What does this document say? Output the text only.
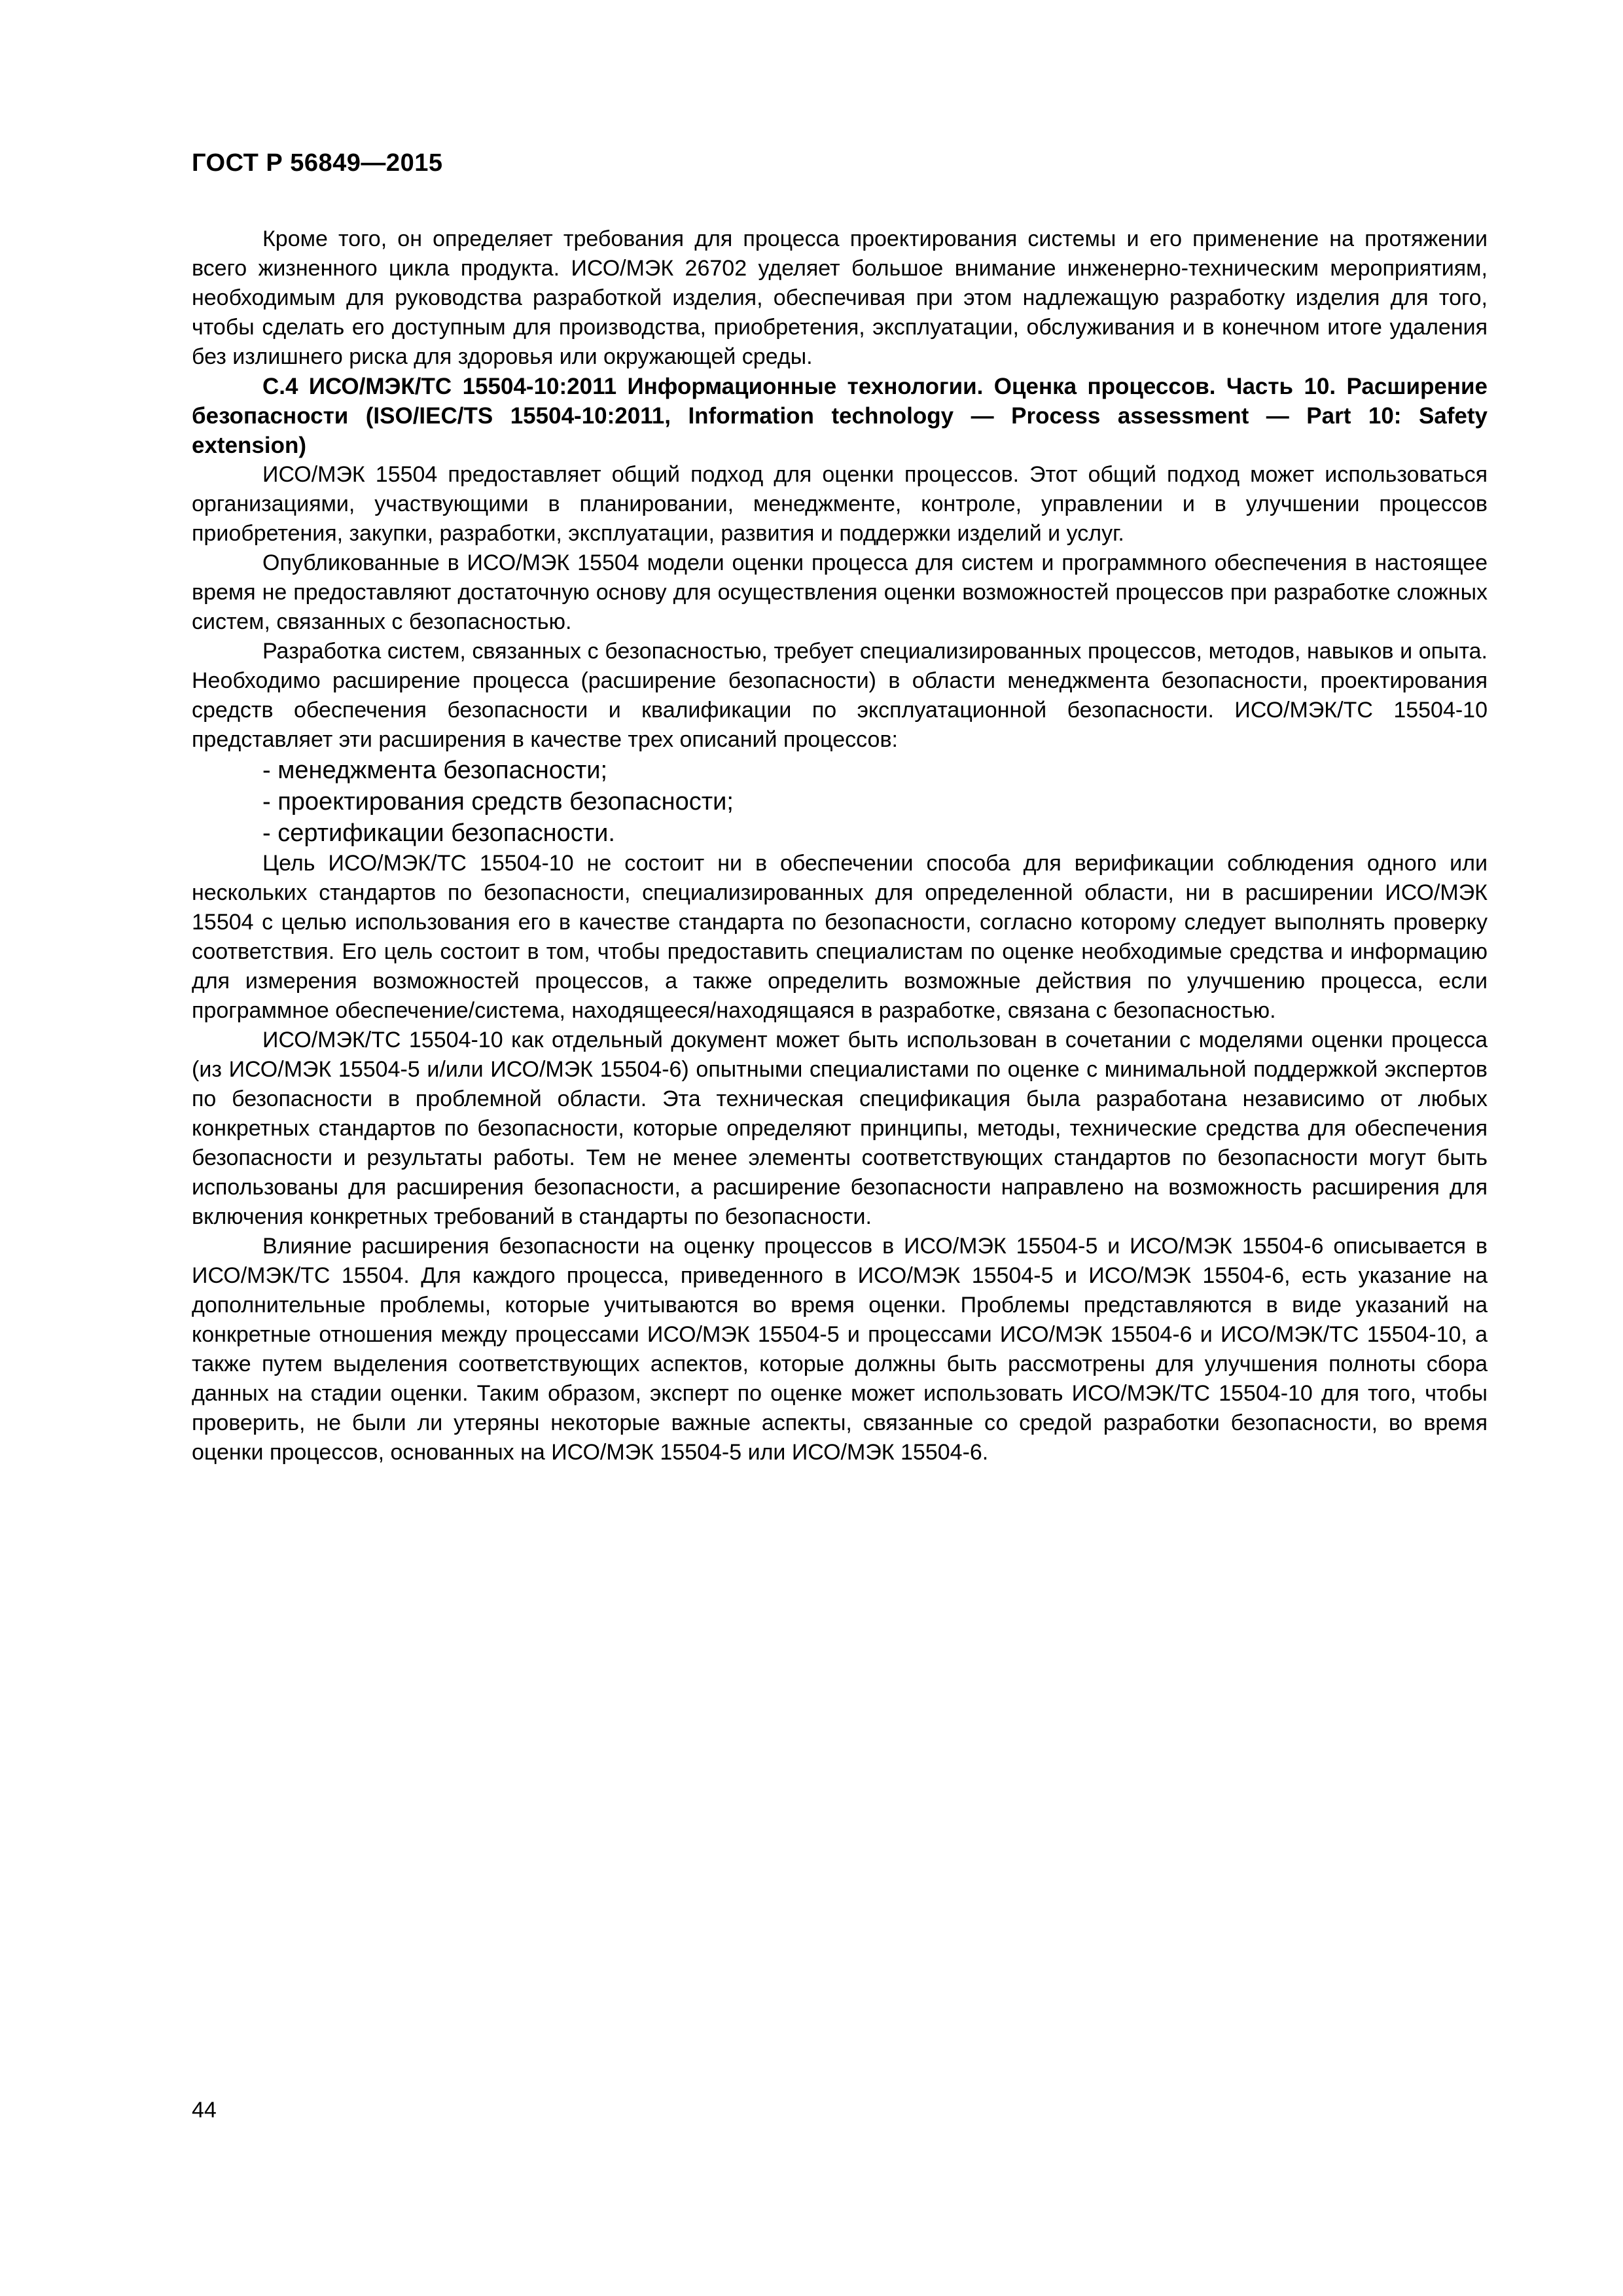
ГОСТ Р 56849—2015

Кроме того, он определяет требования для процесса проектирования системы и его применение на протяжении всего жизненного цикла продукта. ИСО/МЭК 26702 уделяет большое внимание инженерно-техническим мероприятиям, необходимым для руководства разработкой изделия, обеспечивая при этом надлежащую разработку изделия для того, чтобы сделать его доступным для производства, приобретения, эксплуатации, обслуживания и в конечном итоге удаления без излишнего риска для здоровья или окружающей среды.

С.4 ИСО/МЭК/ТС 15504-10:2011 Информационные технологии. Оценка процессов. Часть 10. Расширение безопасности (ISO/IEC/TS 15504-10:2011, Information technology — Process assessment — Part 10: Safety extension)

ИСО/МЭК 15504 предоставляет общий подход для оценки процессов. Этот общий подход может использоваться организациями, участвующими в планировании, менеджменте, контроле, управлении и в улучшении процессов приобретения, закупки, разработки, эксплуатации, развития и поддержки изделий и услуг.

Опубликованные в ИСО/МЭК 15504 модели оценки процесса для систем и программного обеспечения в настоящее время не предоставляют достаточную основу для осуществления оценки возможностей процессов при разработке сложных систем, связанных с безопасностью.

Разработка систем, связанных с безопасностью, требует специализированных процессов, методов, навыков и опыта. Необходимо расширение процесса (расширение безопасности) в области менеджмента безопасности, проектирования средств обеспечения безопасности и квалификации по эксплуатационной безопасности. ИСО/МЭК/ТС 15504-10 представляет эти расширения в качестве трех описаний процессов:

- менеджмента безопасности;

- проектирования средств безопасности;

- сертификации безопасности.

Цель ИСО/МЭК/ТС 15504-10 не состоит ни в обеспечении способа для верификации соблюдения одного или нескольких стандартов по безопасности, специализированных для определенной области, ни в расширении ИСО/МЭК 15504 с целью использования его в качестве стандарта по безопасности, согласно которому следует выполнять проверку соответствия. Его цель состоит в том, чтобы предоставить специалистам по оценке необходимые средства и информацию для измерения возможностей процессов, а также определить возможные действия по улучшению процесса, если программное обеспечение/система, находящееся/находящаяся в разработке, связана с безопасностью.

ИСО/МЭК/ТС 15504-10 как отдельный документ может быть использован в сочетании с моделями оценки процесса (из ИСО/МЭК 15504-5 и/или ИСО/МЭК 15504-6) опытными специалистами по оценке с минимальной поддержкой экспертов по безопасности в проблемной области. Эта техническая спецификация была разработана независимо от любых конкретных стандартов по безопасности, которые определяют принципы, методы, технические средства для обеспечения безопасности и результаты работы. Тем не менее элементы соответствующих стандартов по безопасности могут быть использованы для расширения безопасности, а расширение безопасности направлено на возможность расширения для включения конкретных требований в стандарты по безопасности.

Влияние расширения безопасности на оценку процессов в ИСО/МЭК 15504-5 и ИСО/МЭК 15504-6 описывается в ИСО/МЭК/ТС 15504. Для каждого процесса, приведенного в ИСО/МЭК 15504-5 и ИСО/МЭК 15504-6, есть указание на дополнительные проблемы, которые учитываются во время оценки. Проблемы представляются в виде указаний на конкретные отношения между процессами ИСО/МЭК 15504-5 и процессами ИСО/МЭК 15504-6 и ИСО/МЭК/ТС 15504-10, а также путем выделения соответствующих аспектов, которые должны быть рассмотрены для улучшения полноты сбора данных на стадии оценки. Таким образом, эксперт по оценке может использовать ИСО/МЭК/ТС 15504-10 для того, чтобы проверить, не были ли утеряны некоторые важные аспекты, связанные со средой разработки безопасности, во время оценки процессов, основанных на ИСО/МЭК 15504-5 или ИСО/МЭК 15504-6.

44
